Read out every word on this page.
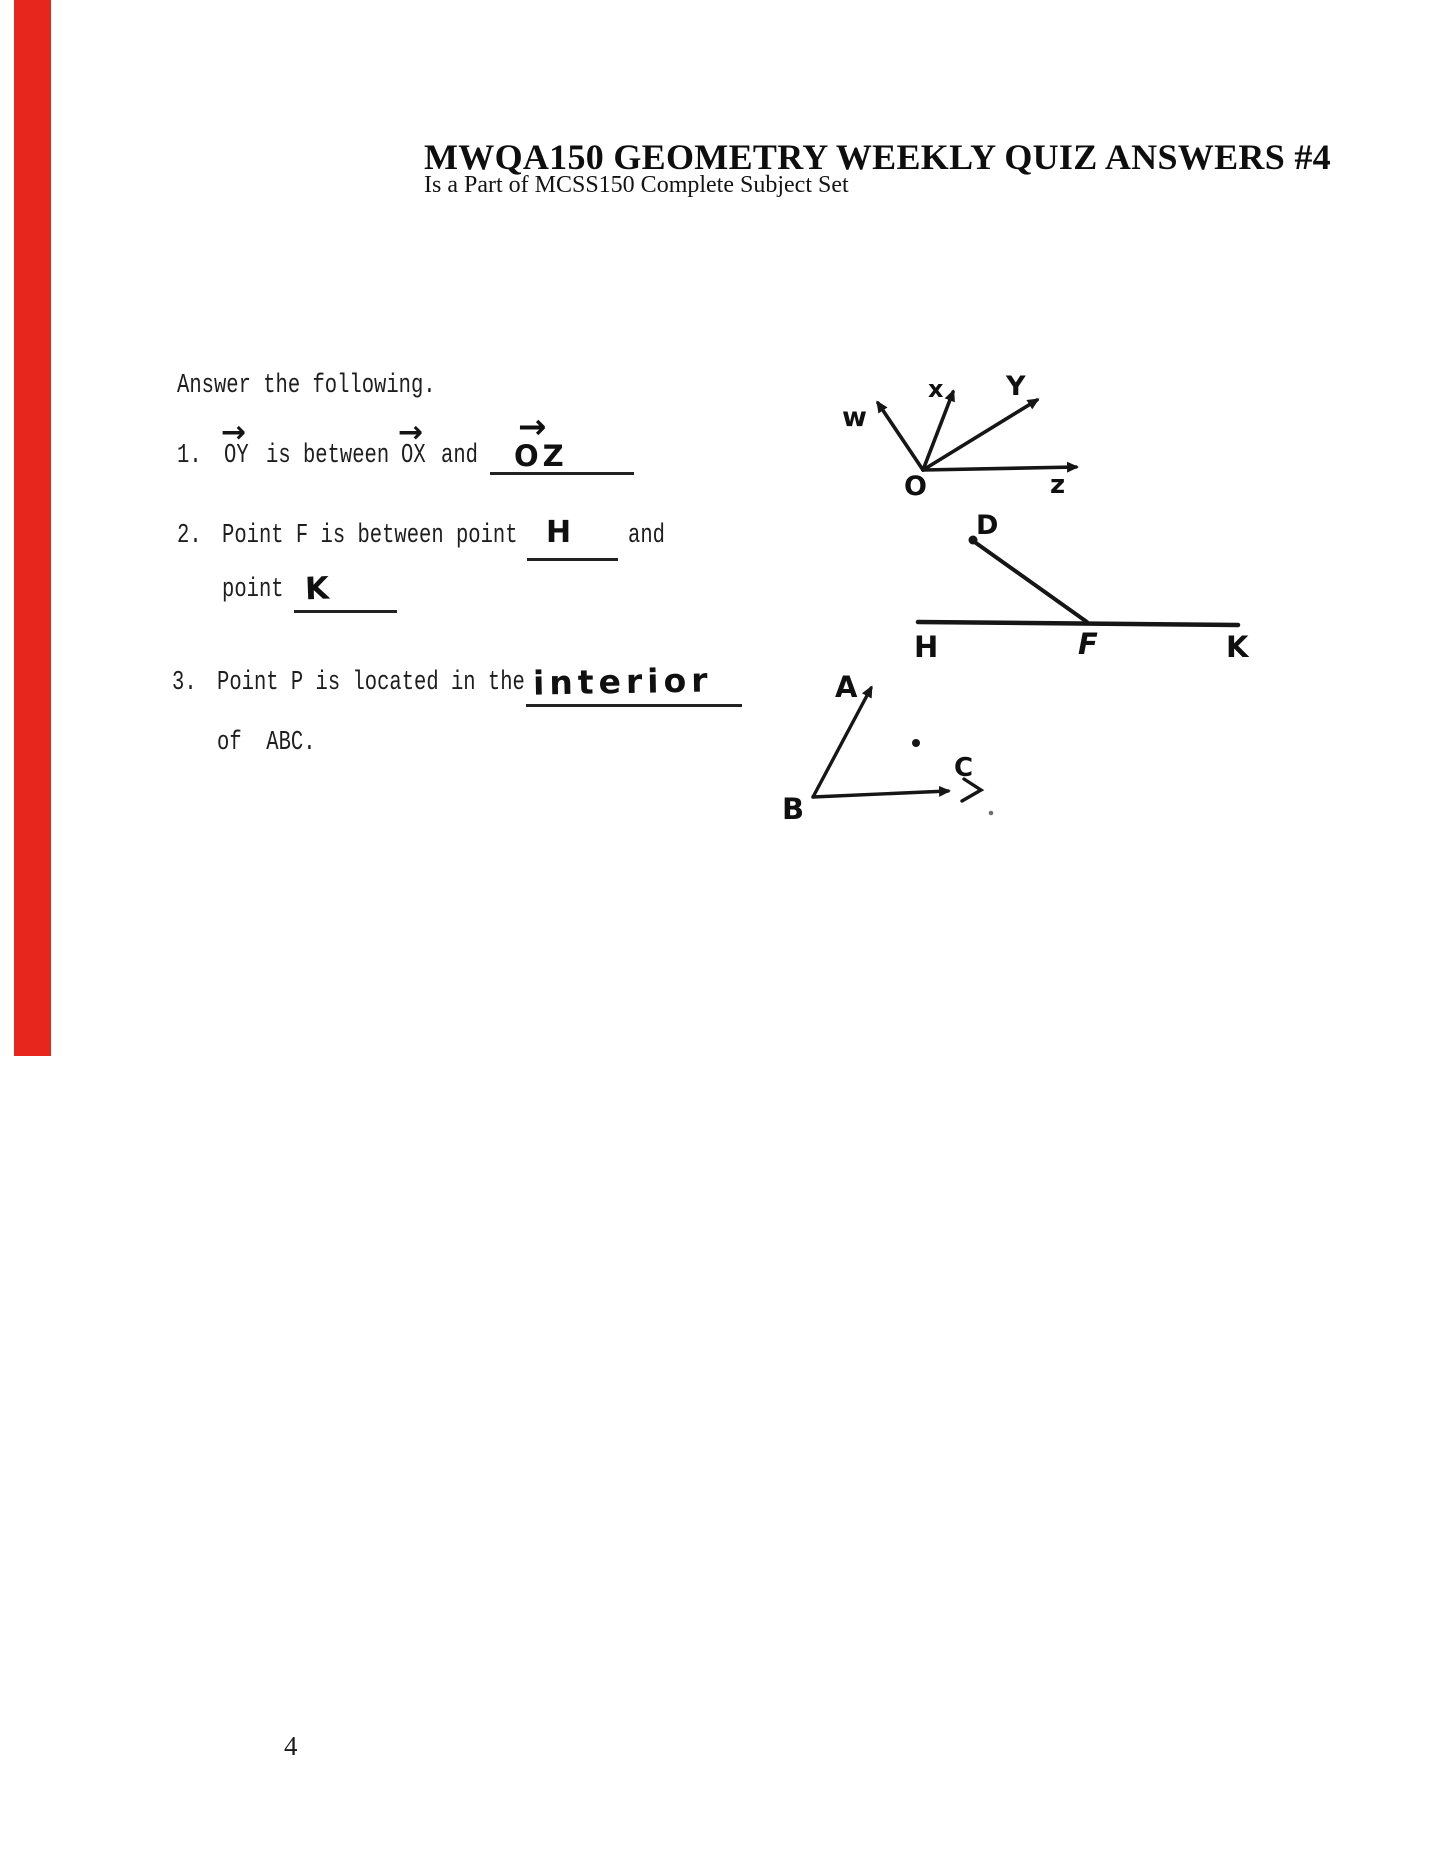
MWQA150 GEOMETRY WEEKLY QUIZ ANSWERS #4
Is a Part of MCSS150 Complete Subject Set
Answer the following.
1.
→
OY is between
→
OX and
→
OZ
2. Point F is between point H and
point K
3. Point P is located in the interior
of  ABC.
w
x Y
O	z
D
H	F	K
A
B
C
4
